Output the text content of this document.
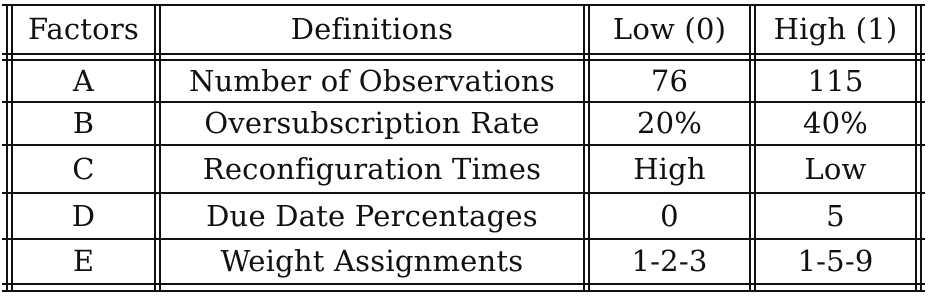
Factors	Definitions	Low (0)	High (1)
A	Number of Observations	76	115
B	Oversubscription Rate	20%	40%
C	Reconfiguration Times	High	Low
D	Due Date Percentages	0	5
E	Weight Assignments	1-2-3	1-5-9
